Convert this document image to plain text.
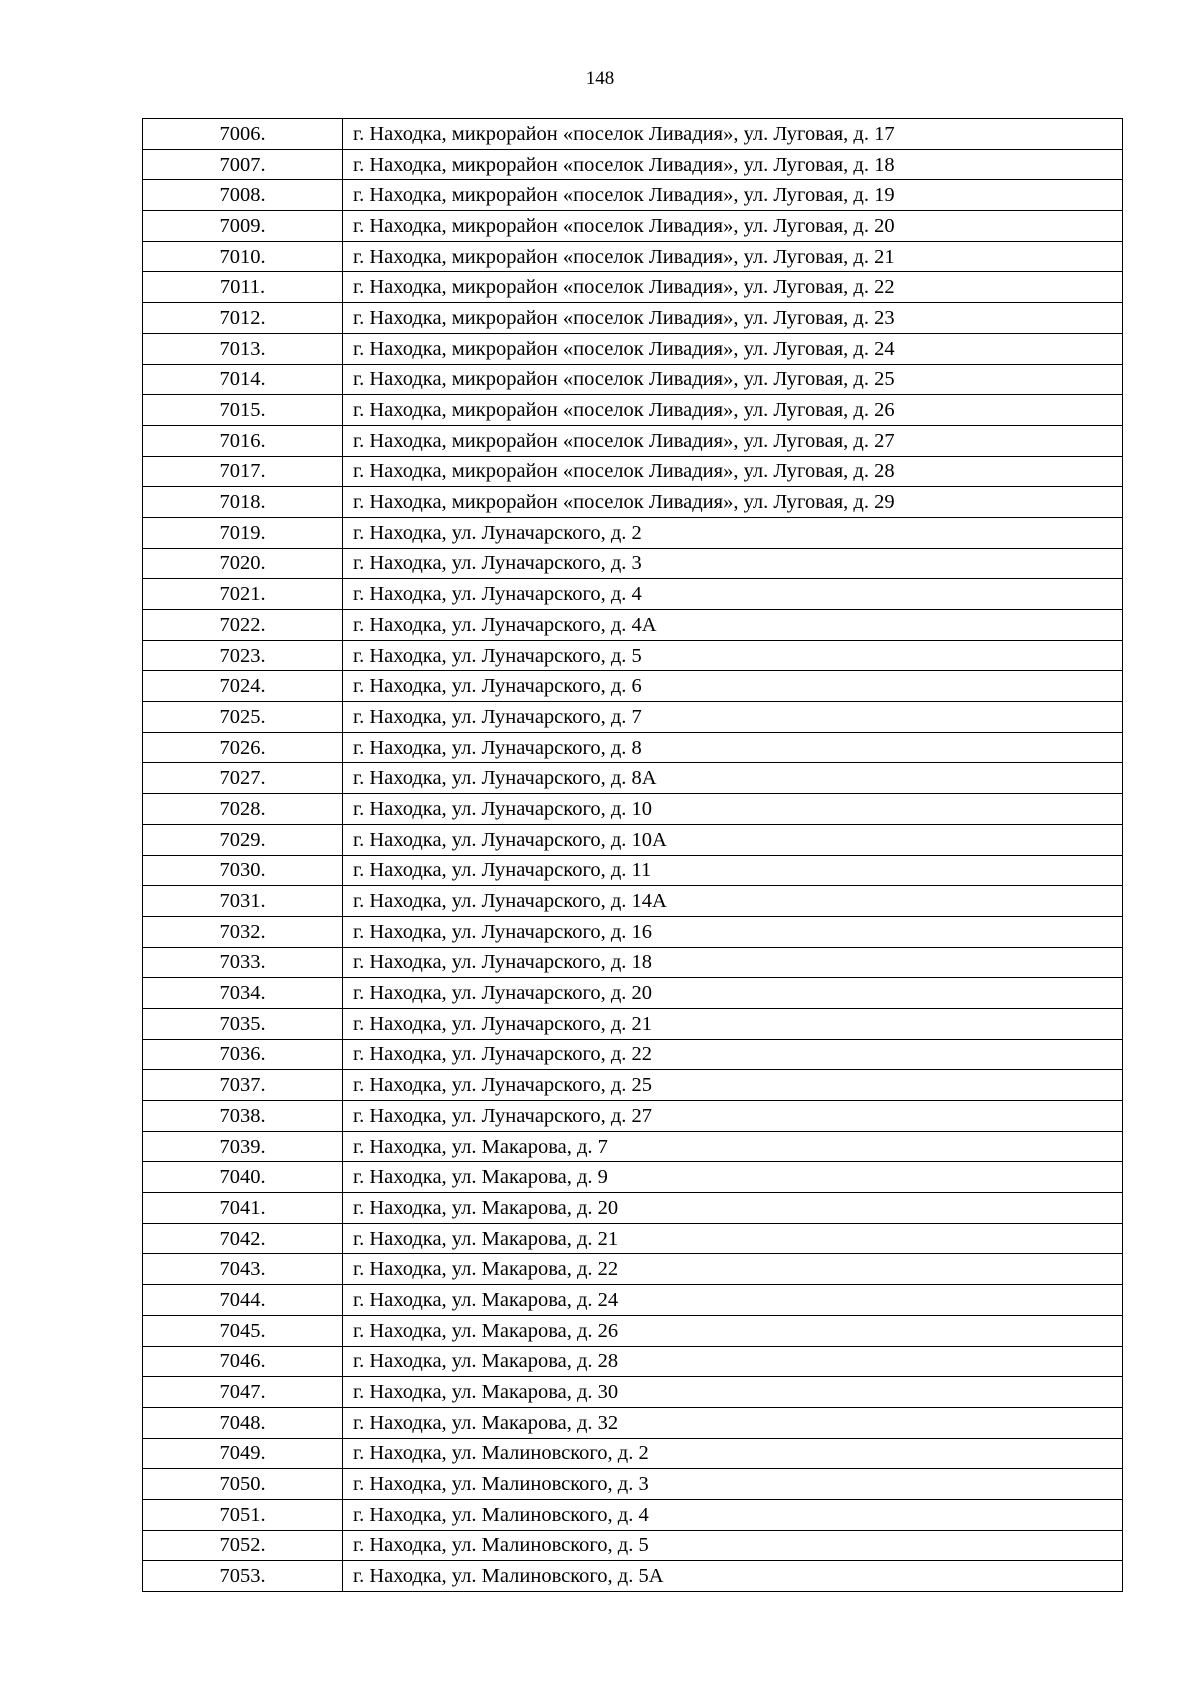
148
7006.	г. Находка, микрорайон «поселок Ливадия», ул. Луговая, д. 17
7007.	г. Находка, микрорайон «поселок Ливадия», ул. Луговая, д. 18
7008.	г. Находка, микрорайон «поселок Ливадия», ул. Луговая, д. 19
7009.	г. Находка, микрорайон «поселок Ливадия», ул. Луговая, д. 20
7010.	г. Находка, микрорайон «поселок Ливадия», ул. Луговая, д. 21
7011.	г. Находка, микрорайон «поселок Ливадия», ул. Луговая, д. 22
7012.	г. Находка, микрорайон «поселок Ливадия», ул. Луговая, д. 23
7013.	г. Находка, микрорайон «поселок Ливадия», ул. Луговая, д. 24
7014.	г. Находка, микрорайон «поселок Ливадия», ул. Луговая, д. 25
7015.	г. Находка, микрорайон «поселок Ливадия», ул. Луговая, д. 26
7016.	г. Находка, микрорайон «поселок Ливадия», ул. Луговая, д. 27
7017.	г. Находка, микрорайон «поселок Ливадия», ул. Луговая, д. 28
7018.	г. Находка, микрорайон «поселок Ливадия», ул. Луговая, д. 29
7019.	г. Находка, ул. Луначарского, д. 2
7020.	г. Находка, ул. Луначарского, д. 3
7021.	г. Находка, ул. Луначарского, д. 4
7022.	г. Находка, ул. Луначарского, д. 4А
7023.	г. Находка, ул. Луначарского, д. 5
7024.	г. Находка, ул. Луначарского, д. 6
7025.	г. Находка, ул. Луначарского, д. 7
7026.	г. Находка, ул. Луначарского, д. 8
7027.	г. Находка, ул. Луначарского, д. 8А
7028.	г. Находка, ул. Луначарского, д. 10
7029.	г. Находка, ул. Луначарского, д. 10А
7030.	г. Находка, ул. Луначарского, д. 11
7031.	г. Находка, ул. Луначарского, д. 14А
7032.	г. Находка, ул. Луначарского, д. 16
7033.	г. Находка, ул. Луначарского, д. 18
7034.	г. Находка, ул. Луначарского, д. 20
7035.	г. Находка, ул. Луначарского, д. 21
7036.	г. Находка, ул. Луначарского, д. 22
7037.	г. Находка, ул. Луначарского, д. 25
7038.	г. Находка, ул. Луначарского, д. 27
7039.	г. Находка, ул. Макарова, д. 7
7040.	г. Находка, ул. Макарова, д. 9
7041.	г. Находка, ул. Макарова, д. 20
7042.	г. Находка, ул. Макарова, д. 21
7043.	г. Находка, ул. Макарова, д. 22
7044.	г. Находка, ул. Макарова, д. 24
7045.	г. Находка, ул. Макарова, д. 26
7046.	г. Находка, ул. Макарова, д. 28
7047.	г. Находка, ул. Макарова, д. 30
7048.	г. Находка, ул. Макарова, д. 32
7049.	г. Находка, ул. Малиновского, д. 2
7050.	г. Находка, ул. Малиновского, д. 3
7051.	г. Находка, ул. Малиновского, д. 4
7052.	г. Находка, ул. Малиновского, д. 5
7053.	г. Находка, ул. Малиновского, д. 5А
